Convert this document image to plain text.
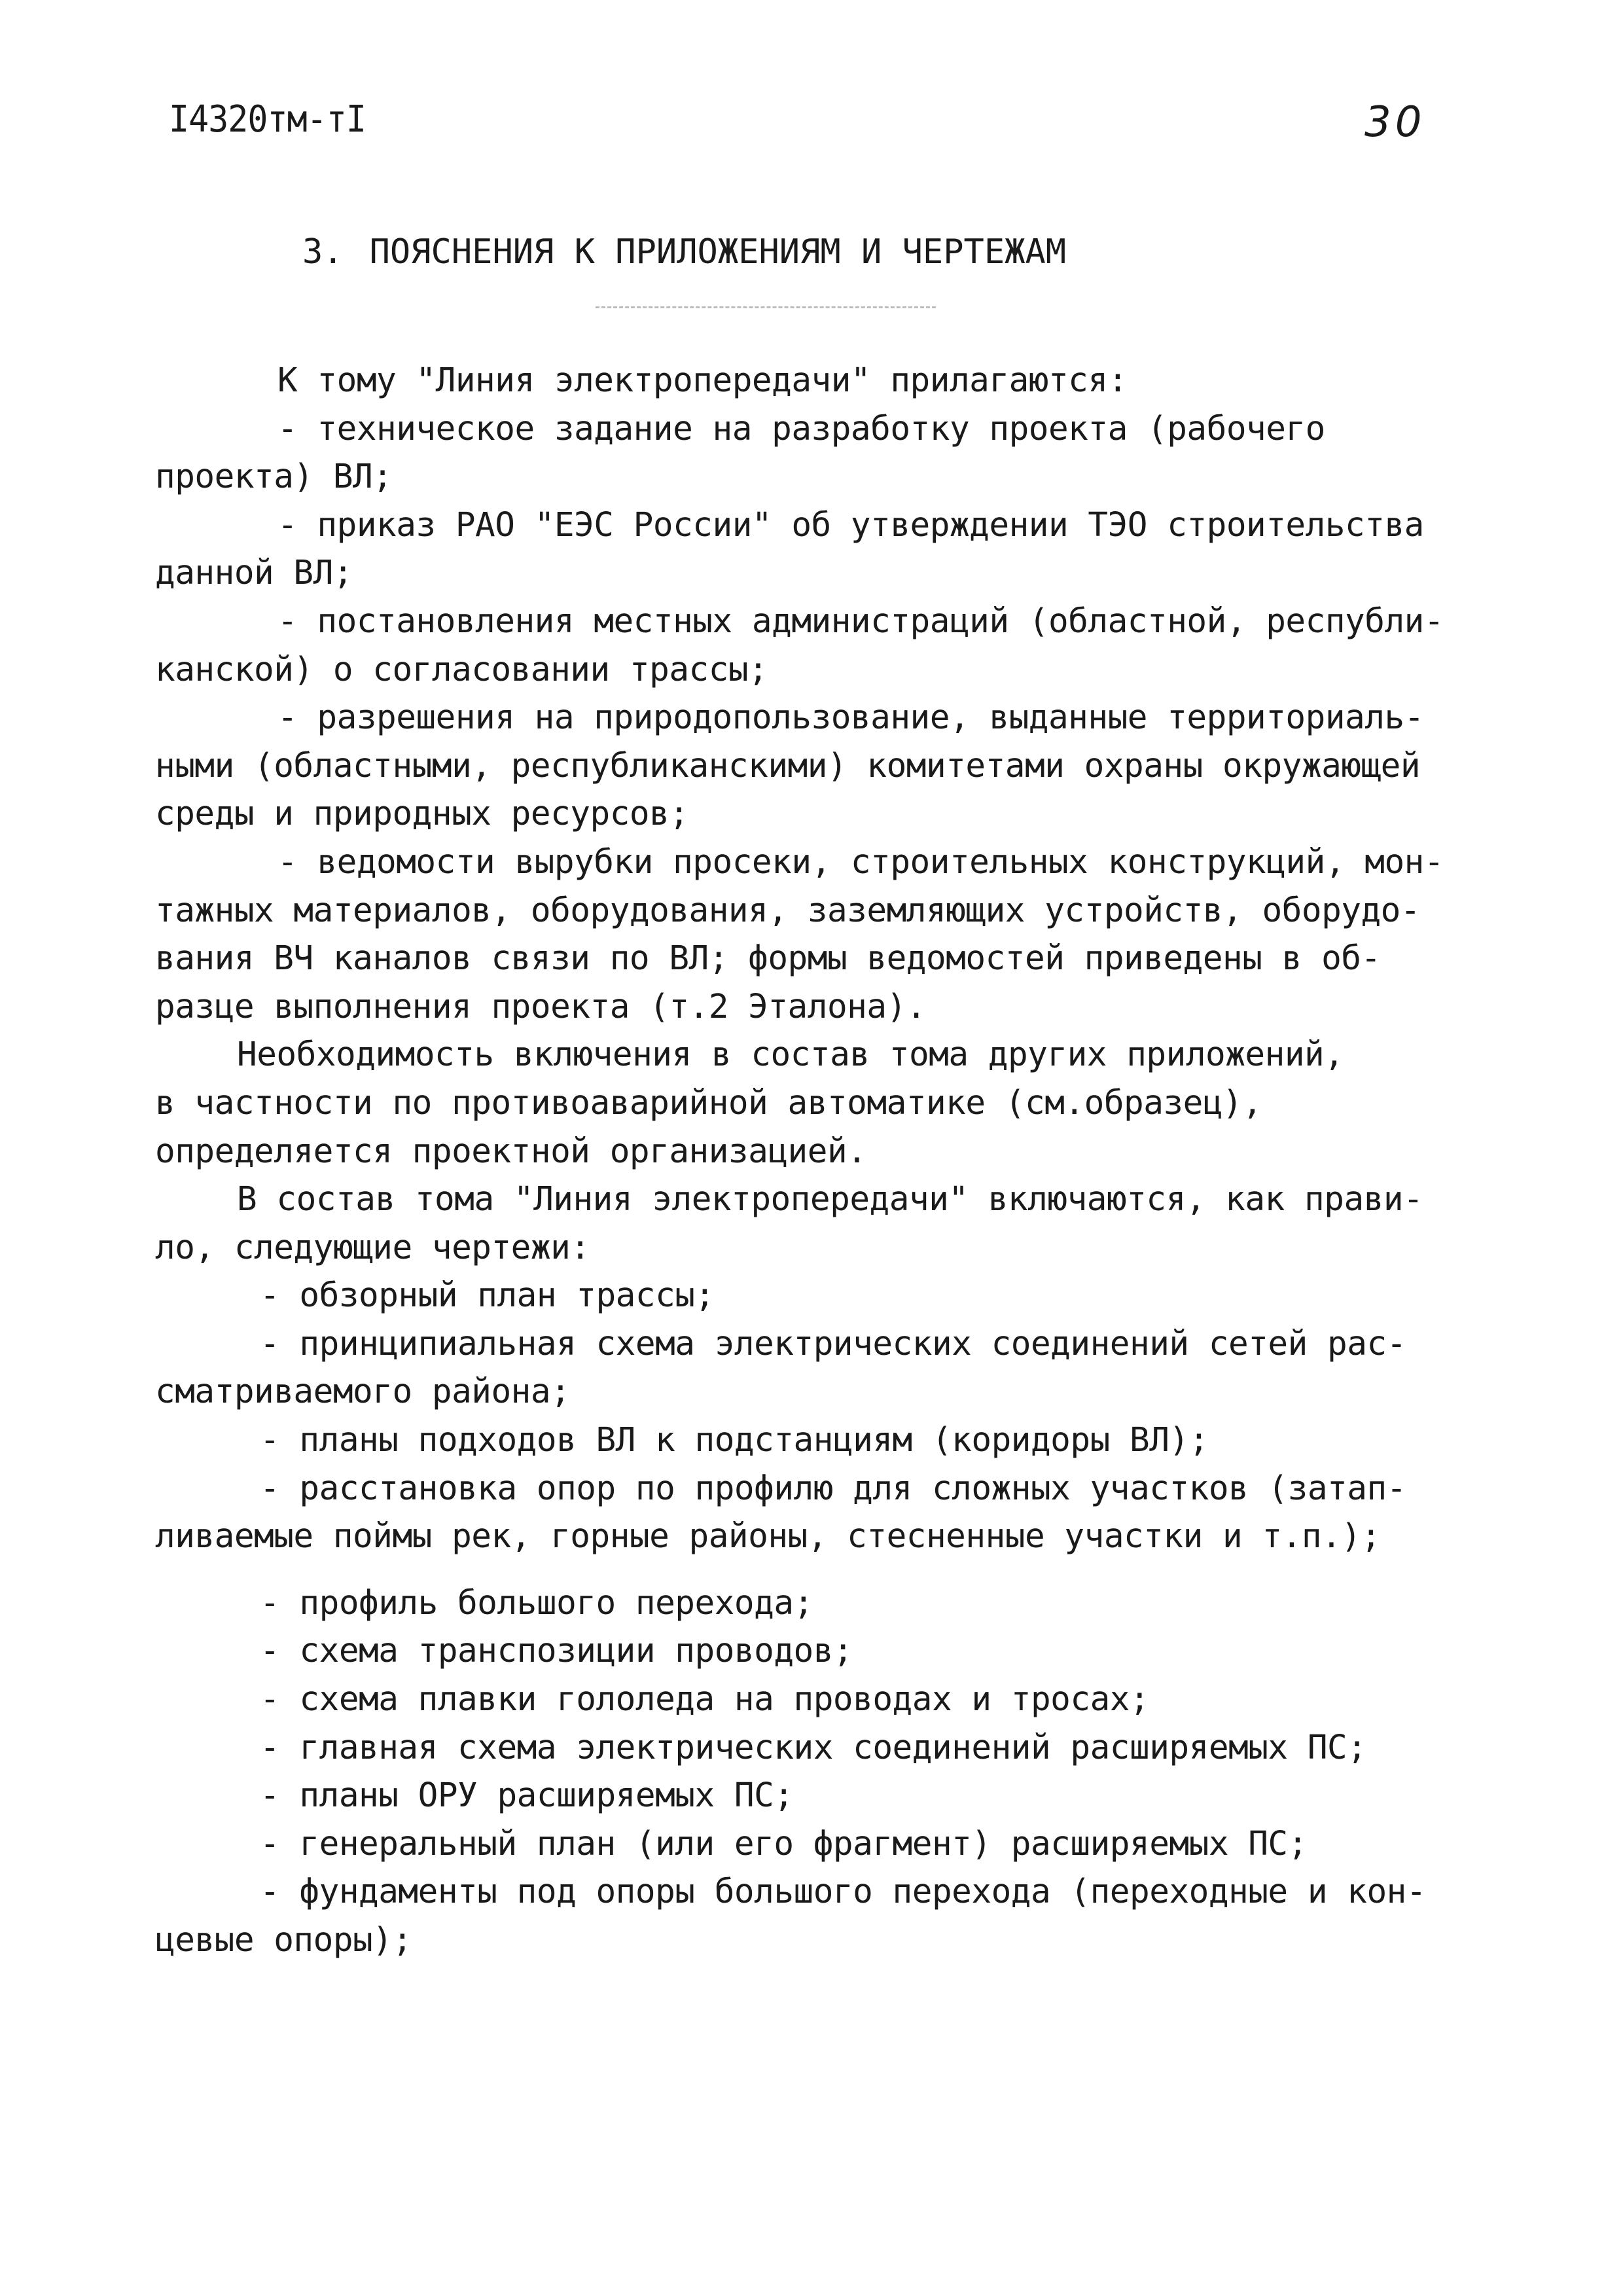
I4320тм-тI	30
3. ПОЯСНЕНИЯ К ПРИЛОЖЕНИЯМ И ЧЕРТЕЖАМ
К тому "Линия электропередачи" прилагаются:
- техническое задание на разработку проекта (рабочего
проекта) ВЛ;
- приказ РАО "ЕЭС России" об утверждении ТЭО строительства
данной ВЛ;
- постановления местных администраций (областной, республи-
канской) о согласовании трассы;
- разрешения на природопользование, выданные территориаль-
ными (областными, республиканскими) комитетами охраны окружающей
среды и природных ресурсов;
- ведомости вырубки просеки, строительных конструкций, мон-
тажных материалов, оборудования, заземляющих устройств, оборудо-
вания ВЧ каналов связи по ВЛ; формы ведомостей приведены в об-
разце выполнения проекта (т.2 Эталона).
Необходимость включения в состав тома других приложений,
в частности по противоаварийной автоматике (см.образец),
определяется проектной организацией.
В состав тома "Линия электропередачи" включаются, как прави-
ло, следующие чертежи:
- обзорный план трассы;
- принципиальная схема электрических соединений сетей рас-
сматриваемого района;
- планы подходов ВЛ к подстанциям (коридоры ВЛ);
- расстановка опор по профилю для сложных участков (затап-
ливаемые поймы рек, горные районы, стесненные участки и т.п.);
- профиль большого перехода;
- схема транспозиции проводов;
- схема плавки гололеда на проводах и тросах;
- главная схема электрических соединений расширяемых ПС;
- планы ОРУ расширяемых ПС;
- генеральный план (или его фрагмент) расширяемых ПС;
- фундаменты под опоры большого перехода (переходные и кон-
цевые опоры);
